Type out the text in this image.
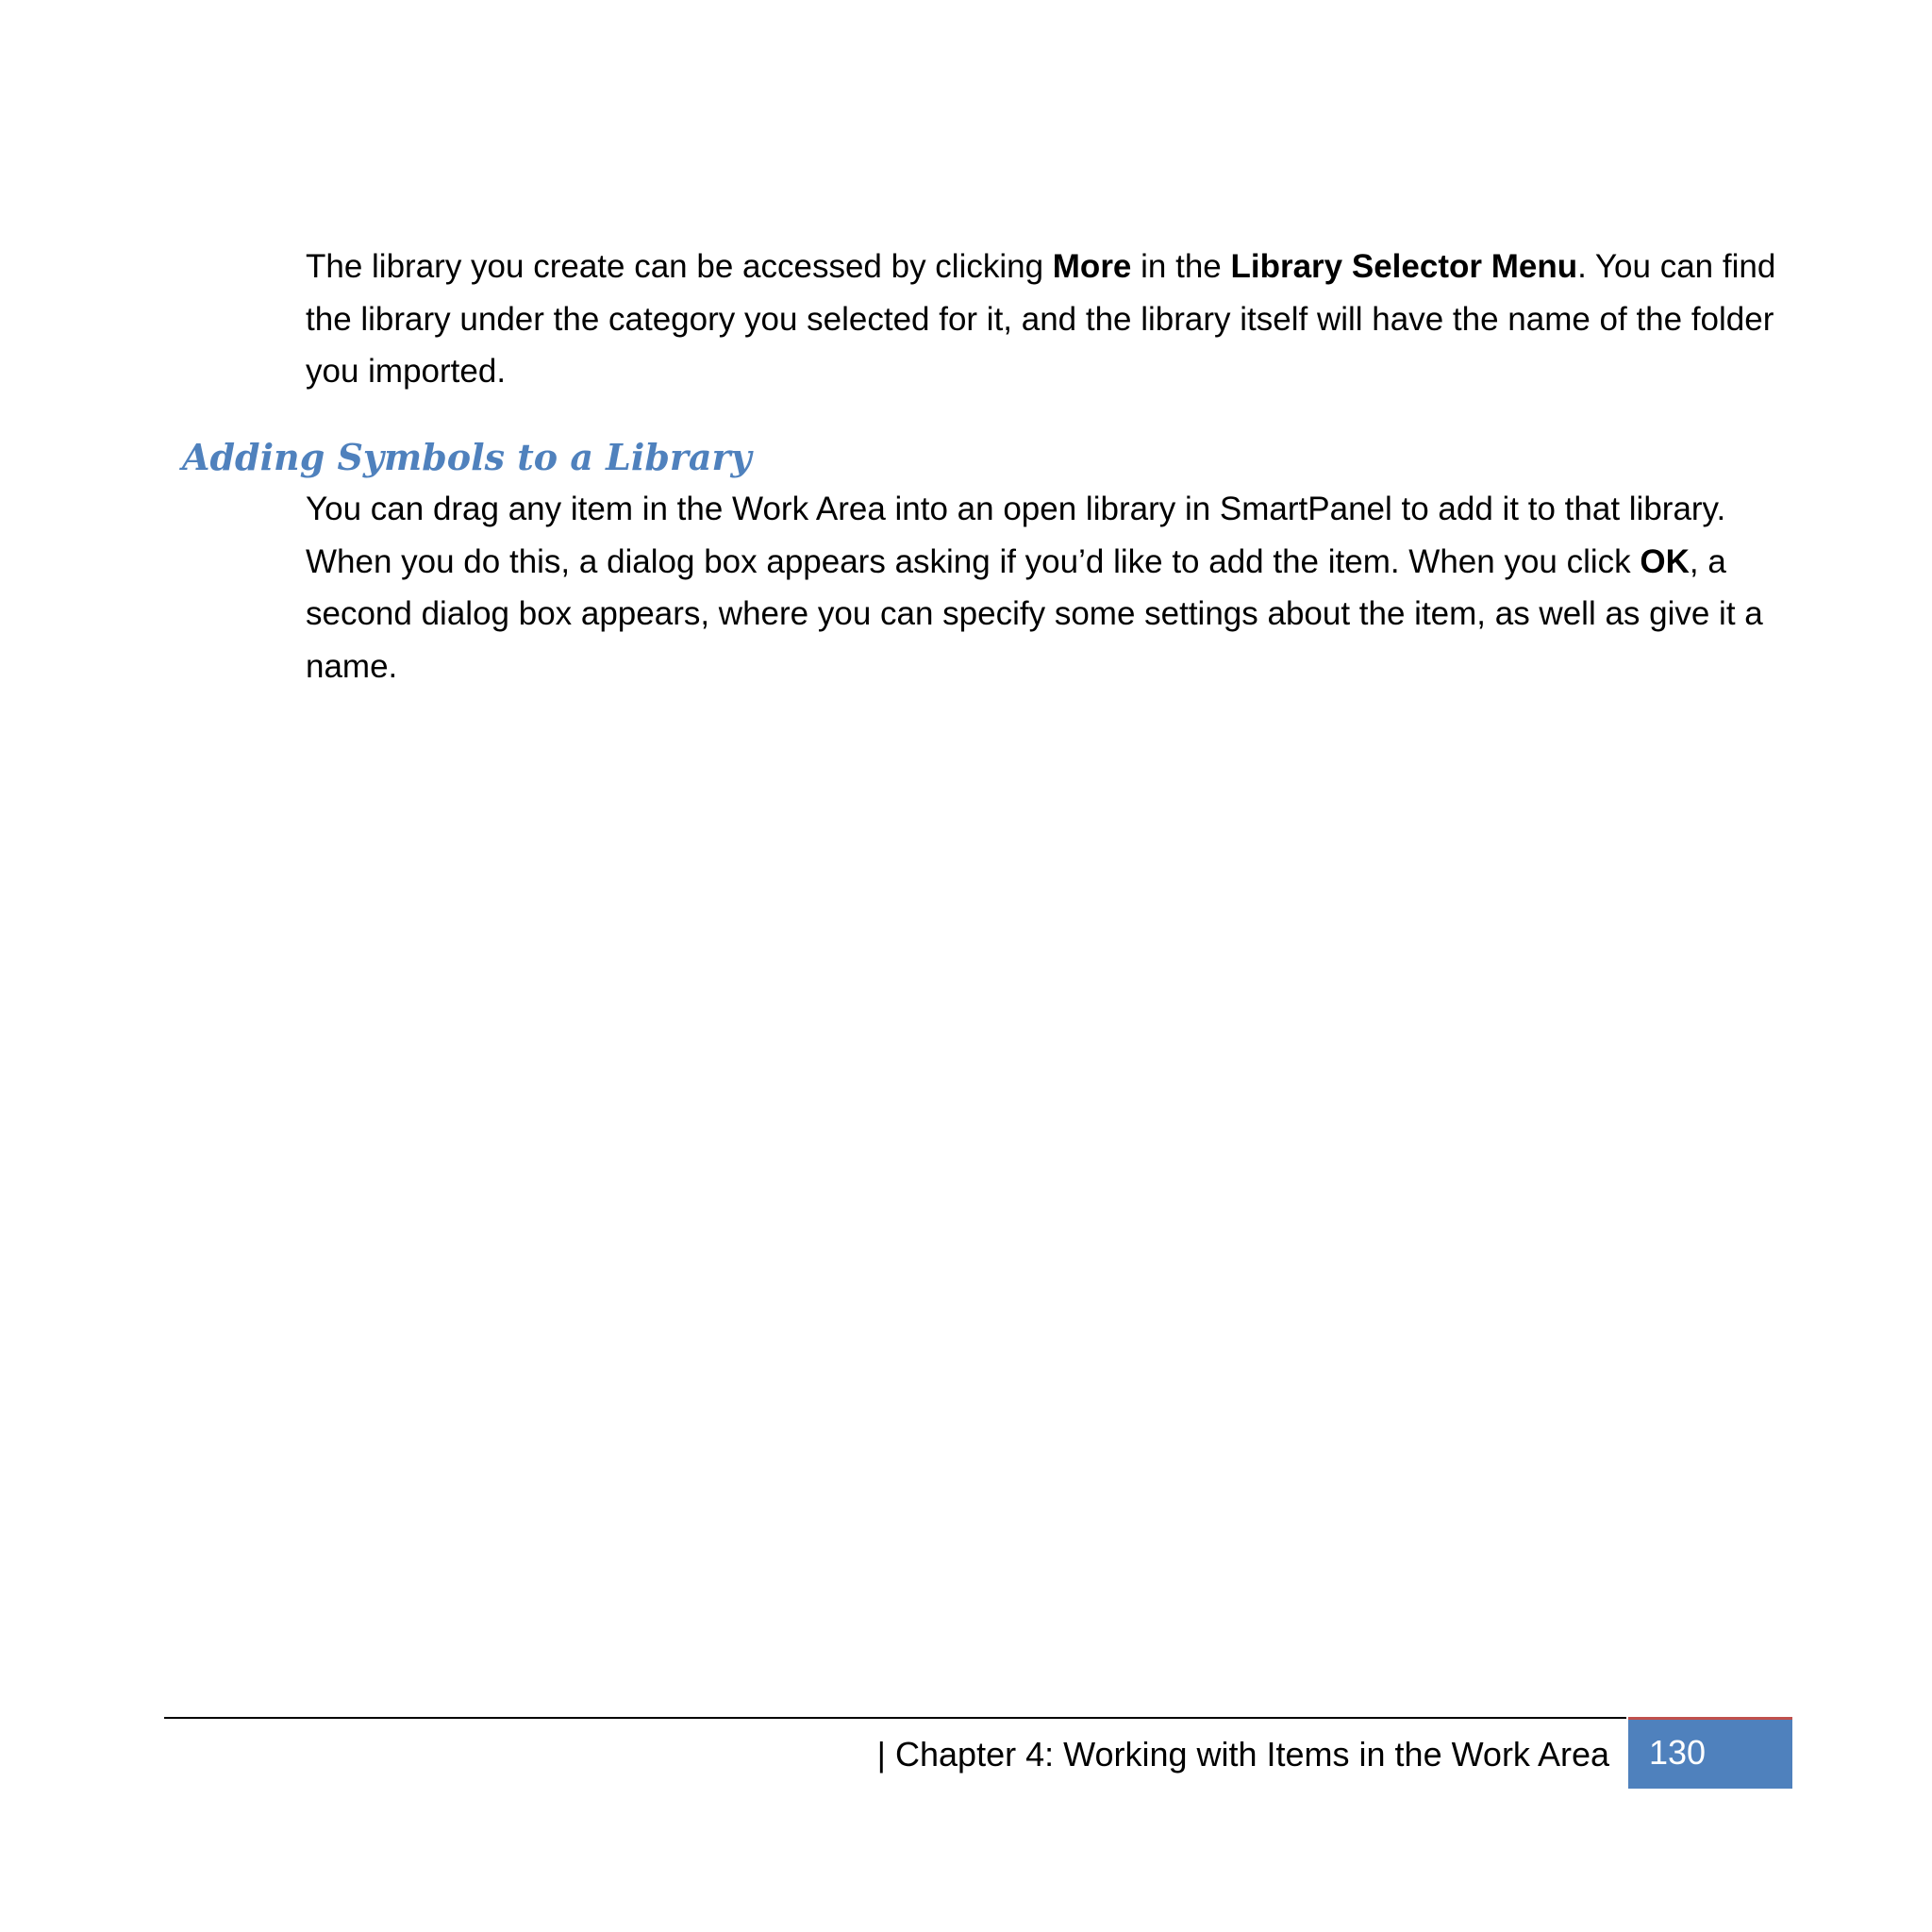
The library you create can be accessed by clicking More in the Library Selector Menu. You can find the library under the category you selected for it, and the library itself will have the name of the folder you imported.

Adding Symbols to a Library

You can drag any item in the Work Area into an open library in SmartPanel to add it to that library. When you do this, a dialog box appears asking if you’d like to add the item. When you click OK, a second dialog box appears, where you can specify some settings about the item, as well as give it a name.

| Chapter 4: Working with Items in the Work Area 130
